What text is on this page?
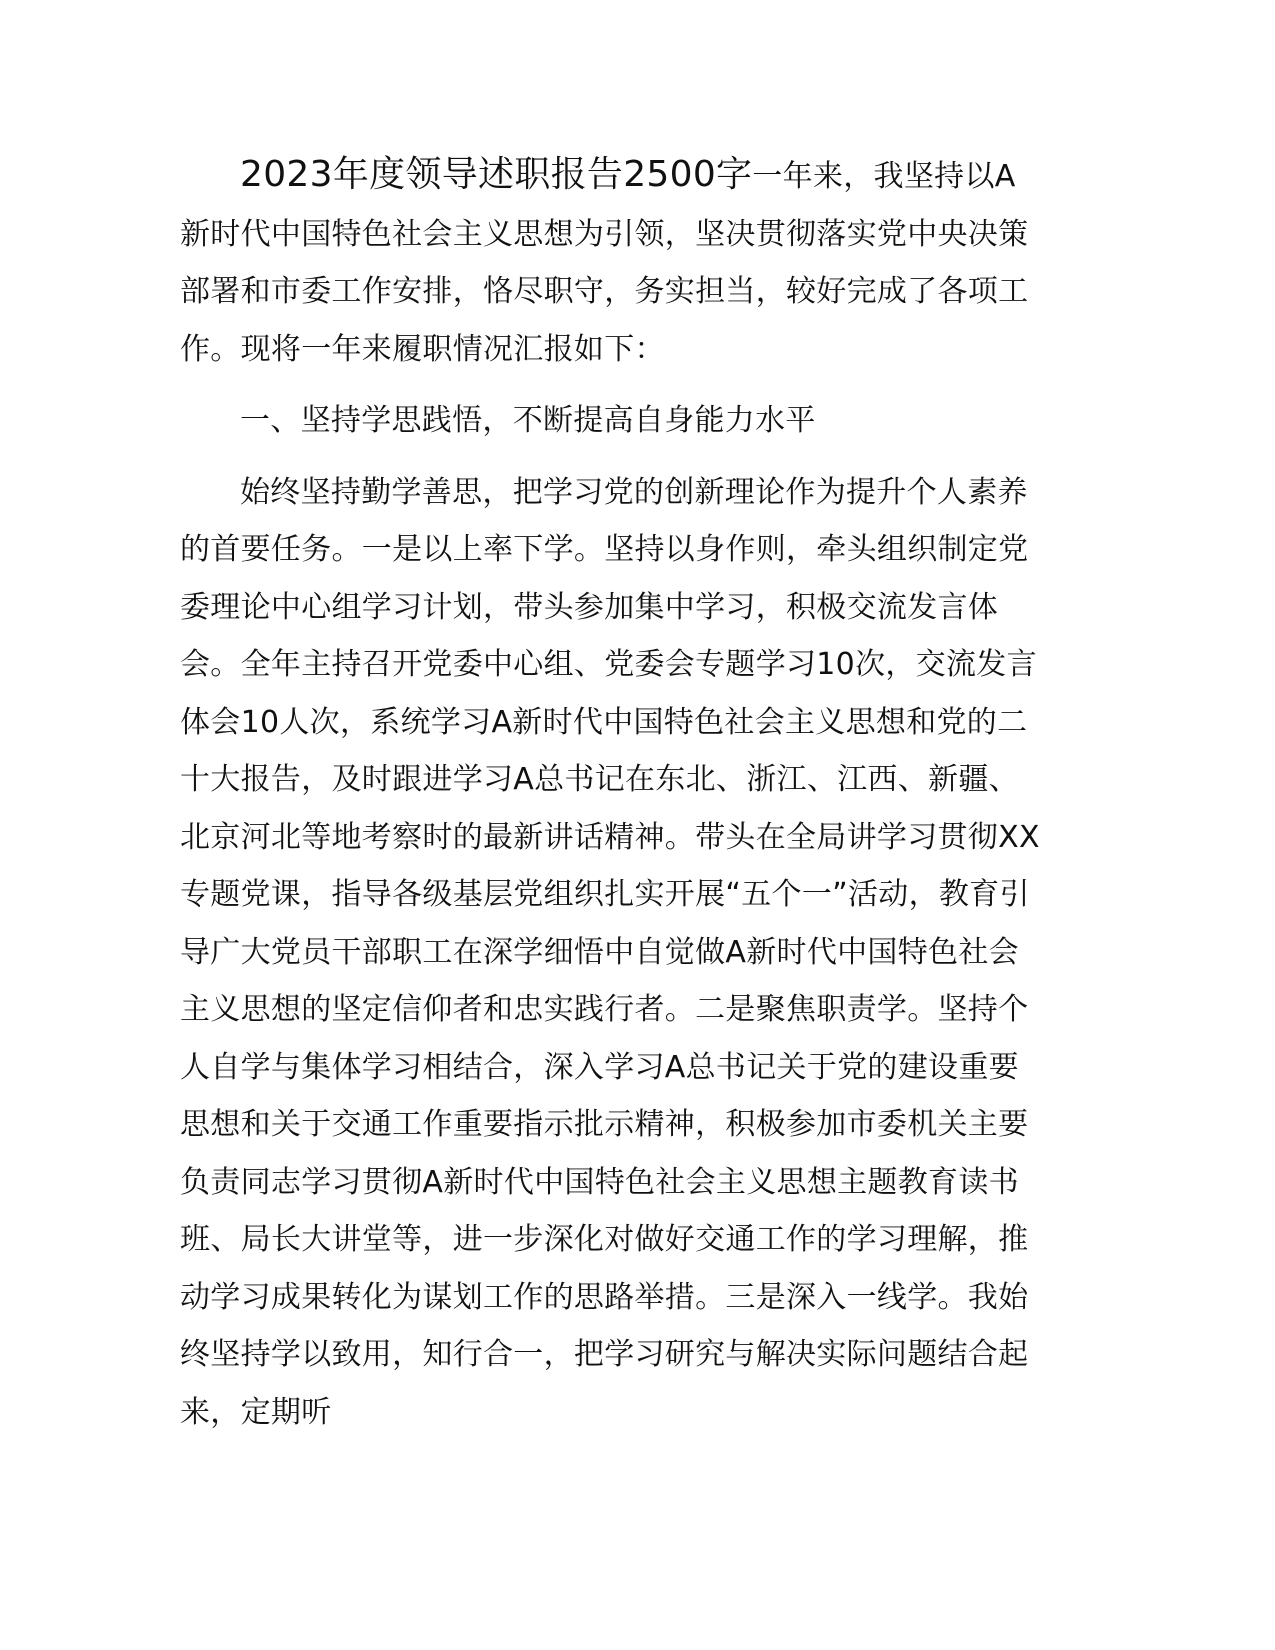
2023年度领导述职报告2500字一年来，我坚持以A新时代中国特色社会主义思想为引领，坚决贯彻落实党中央决策部署和市委工作安排，恪尽职守，务实担当，较好完成了各项工作。现将一年来履职情况汇报如下：

一、坚持学思践悟，不断提高自身能力水平

始终坚持勤学善思，把学习党的创新理论作为提升个人素养的首要任务。一是以上率下学。坚持以身作则，牵头组织制定党委理论中心组学习计划，带头参加集中学习，积极交流发言体会。全年主持召开党委中心组、党委会专题学习10次，交流发言体会10人次，系统学习A新时代中国特色社会主义思想和党的二十大报告，及时跟进学习A总书记在东北、浙江、江西、新疆、北京河北等地考察时的最新讲话精神。带头在全局讲学习贯彻XX专题党课，指导各级基层党组织扎实开展“五个一”活动，教育引导广大党员干部职工在深学细悟中自觉做A新时代中国特色社会主义思想的坚定信仰者和忠实践行者。二是聚焦职责学。坚持个人自学与集体学习相结合，深入学习A总书记关于党的建设重要思想和关于交通工作重要指示批示精神，积极参加市委机关主要负责同志学习贯彻A新时代中国特色社会主义思想主题教育读书班、局长大讲堂等，进一步深化对做好交通工作的学习理解，推动学习成果转化为谋划工作的思路举措。三是深入一线学。我始终坚持学以致用，知行合一，把学习研究与解决实际问题结合起来，定期听
